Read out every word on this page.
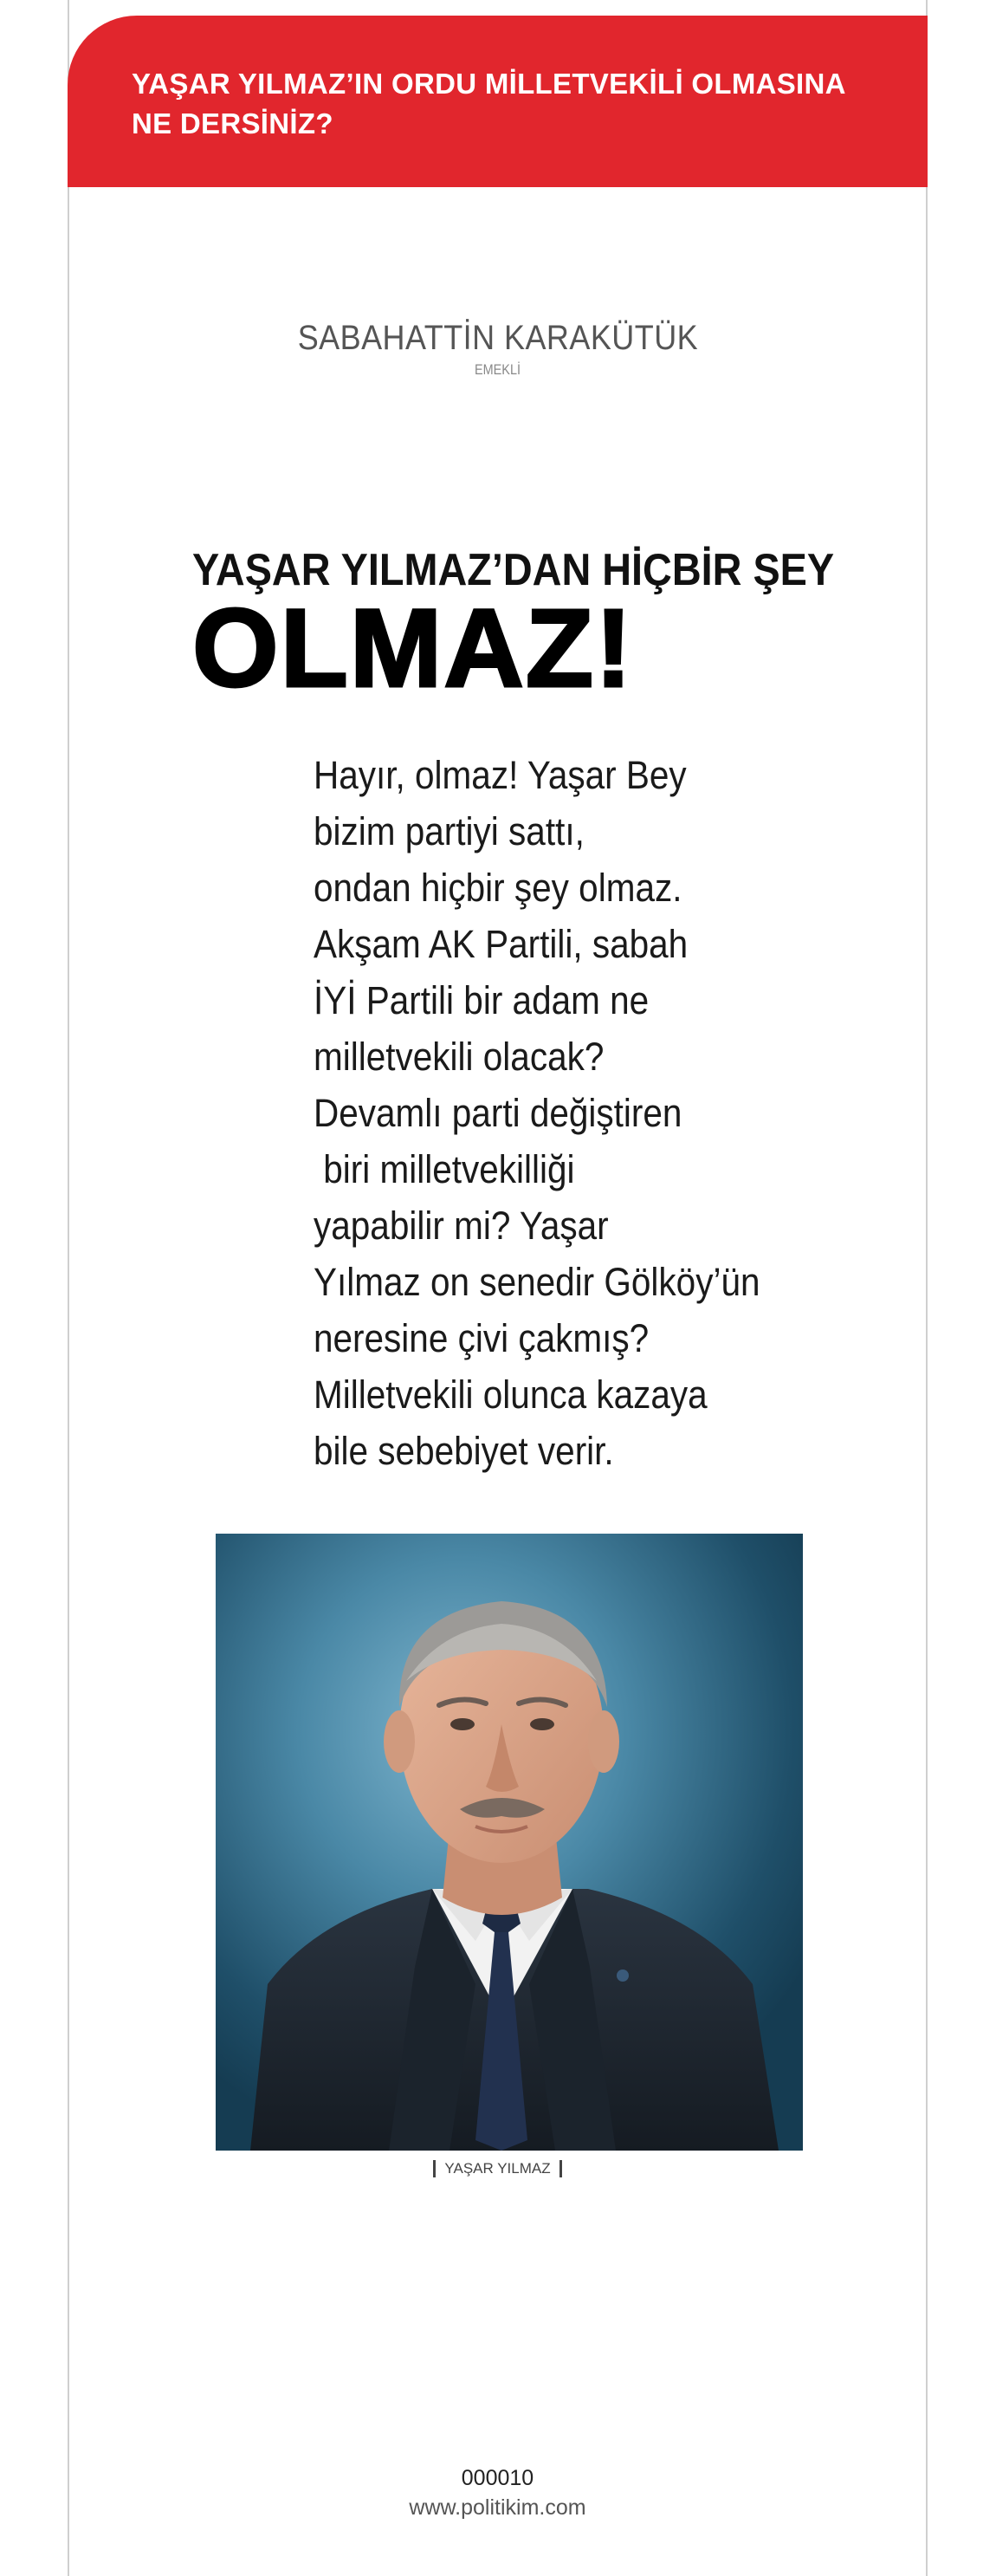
YAŞAR YILMAZ’IN ORDU MİLLETVEKİLİ OLMASINA
NE DERSİNİZ?

SABAHATTİN KARAKÜTÜK
EMEKLİ
YAŞAR YILMAZ’DAN HİÇBİR ŞEY
OLMAZ!
Hayır, olmaz! Yaşar Bey
bizim partiyi sattı,
ondan hiçbir şey olmaz.
Akşam AK Partili, sabah
İYİ Partili bir adam ne
milletvekili olacak?
Devamlı parti değiştiren
biri milletvekilliği
yapabilir mi? Yaşar
Yılmaz on senedir Gölköy’ün
neresine çivi çakmış?
Milletvekili olunca kazaya
bile sebebiyet verir.
YAŞAR YILMAZ
000010
www.politikim.com
